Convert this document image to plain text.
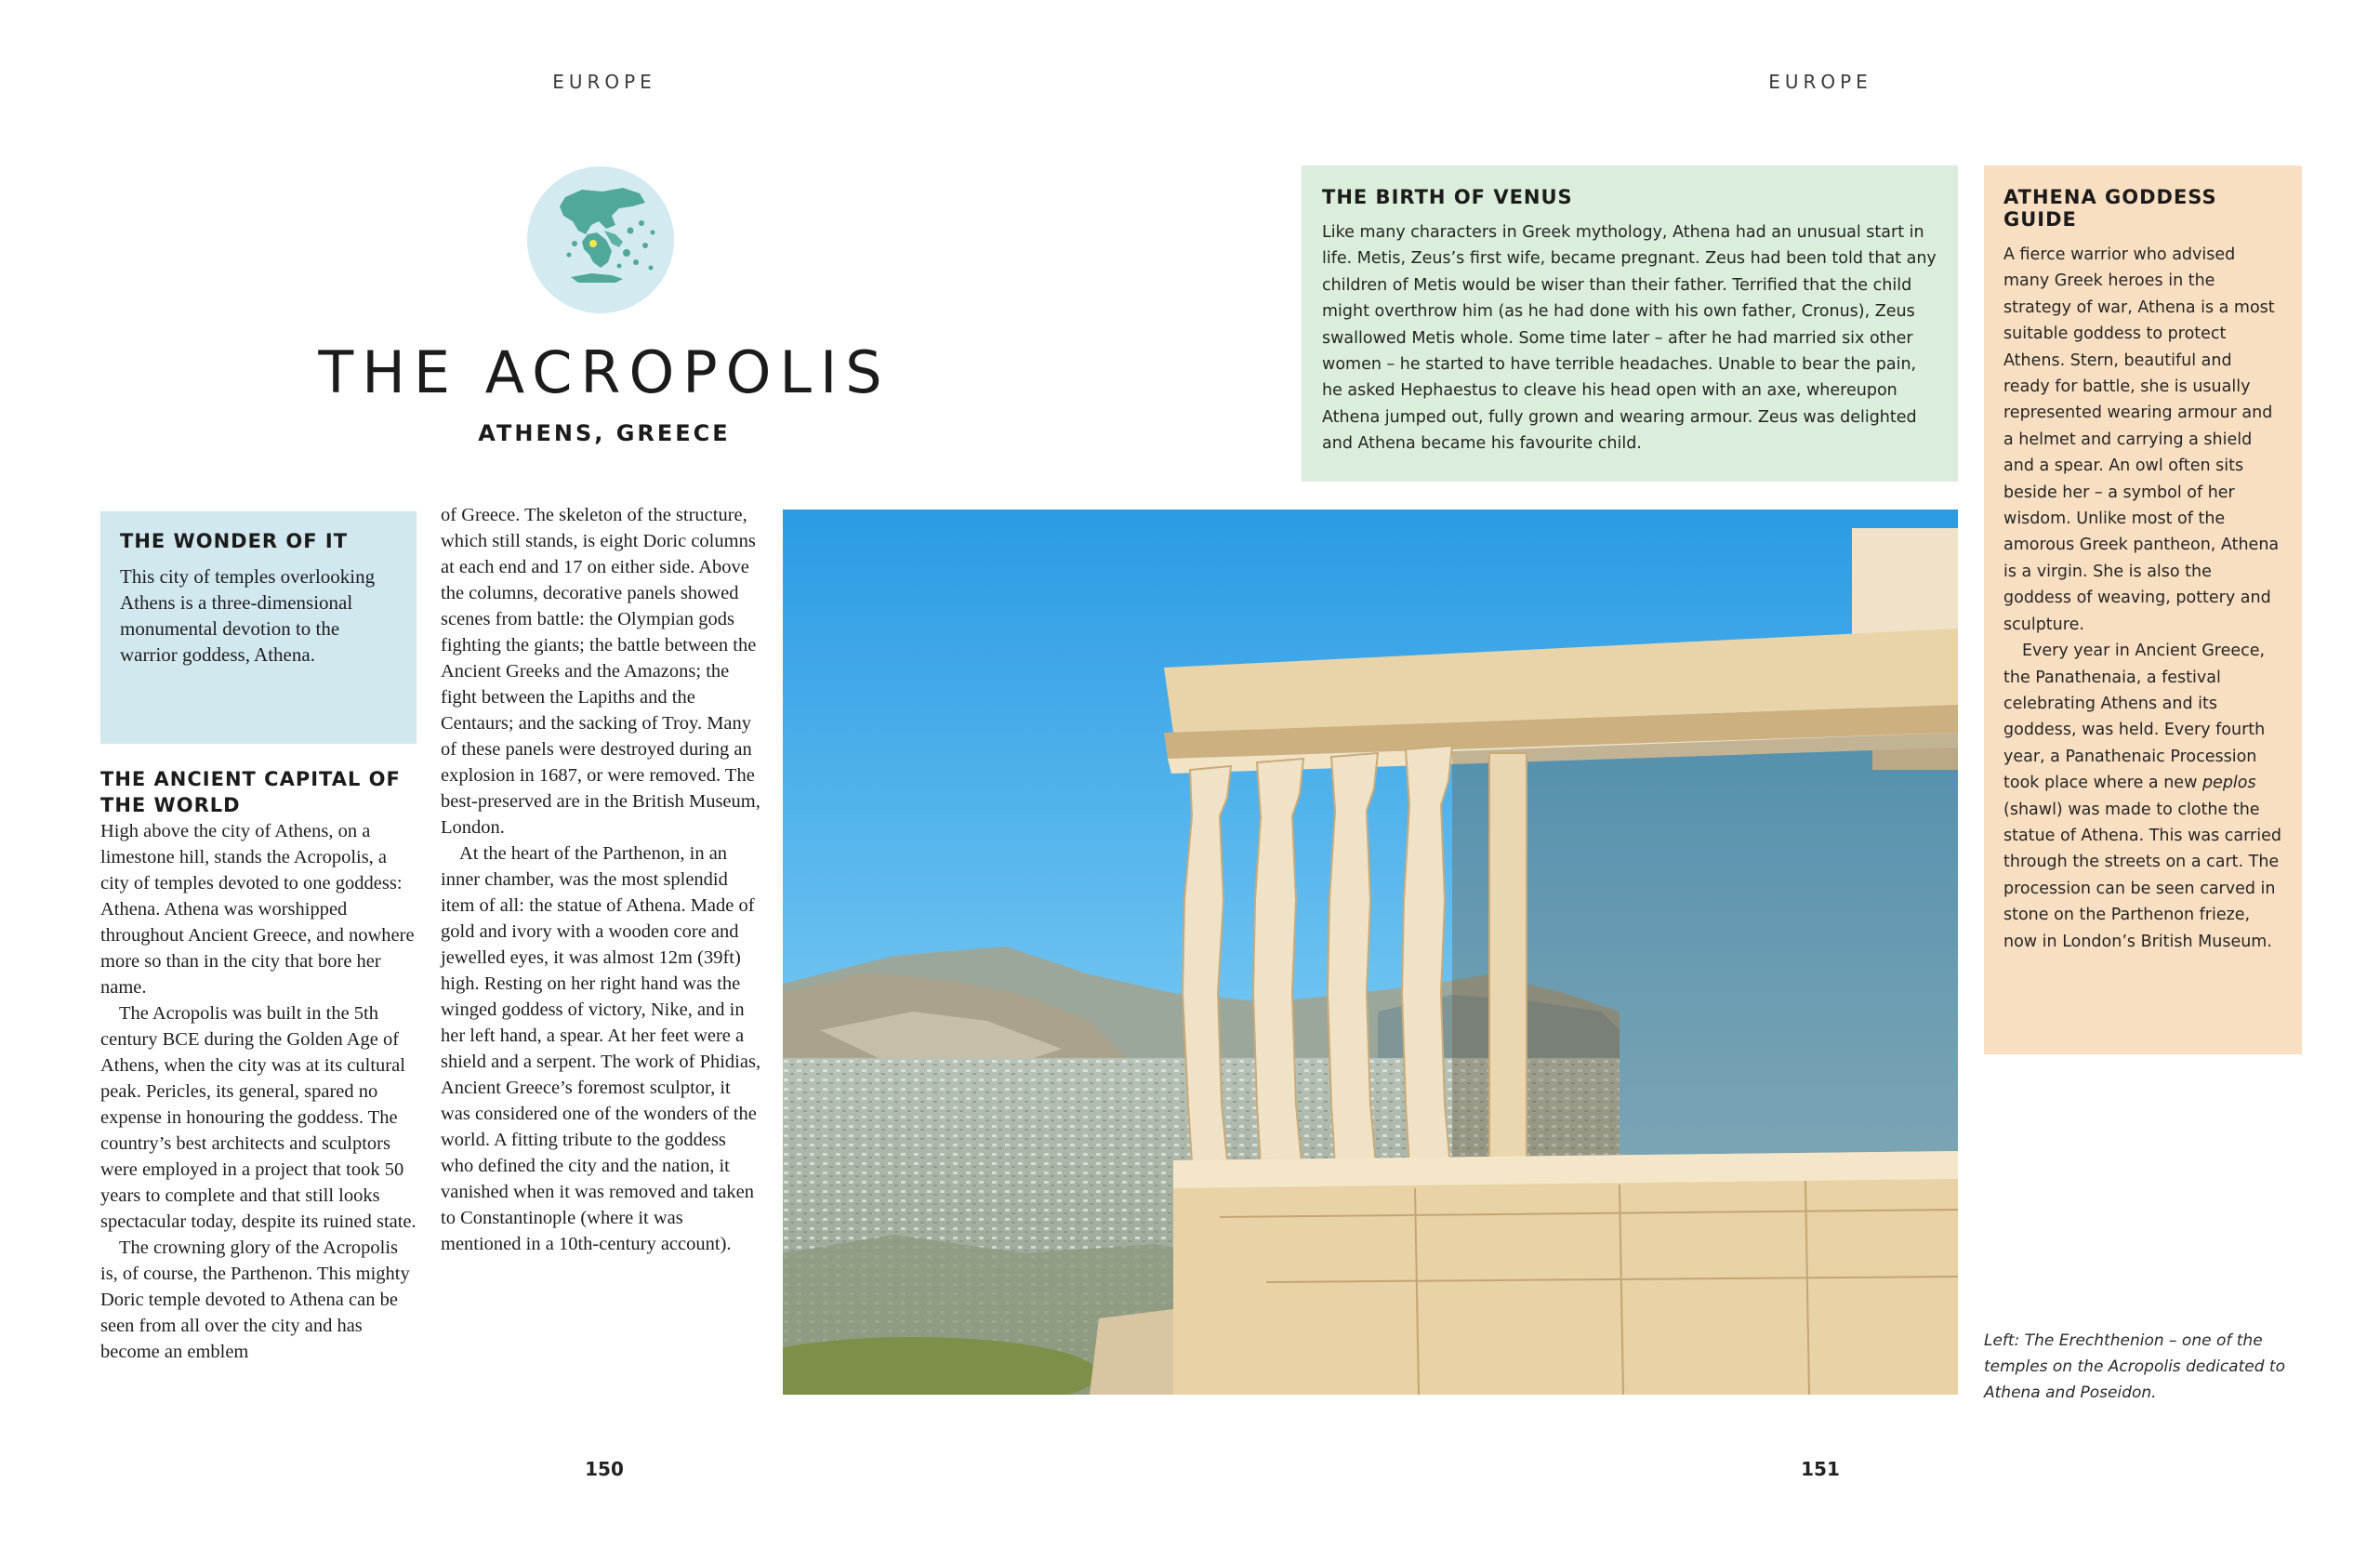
EUROPE	EUROPE
THE ACROPOLIS
ATHENS, GREECE
THE WONDER OF IT
This city of temples overlooking Athens is a three-dimensional monumental devotion to the warrior goddess, Athena.
THE ANCIENT CAPITAL OF THE WORLD

High above the city of Athens, on a limestone hill, stands the Acropolis, a city of temples devoted to one goddess: Athena. Athena was worshipped throughout Ancient Greece, and nowhere more so than in the city that bore her name.

The Acropolis was built in the 5th century BCE during the Golden Age of Athens, when the city was at its cultural peak. Pericles, its general, spared no expense in honouring the goddess. The country’s best architects and sculptors were employed in a project that took 50 years to complete and that still looks spectacular today, despite its ruined state.

The crowning glory of the Acropolis is, of course, the Parthenon. This mighty Doric temple devoted to Athena can be seen from all over the city and has become an emblem

of Greece. The skeleton of the structure, which still stands, is eight Doric columns at each end and 17 on either side. Above the columns, decorative panels showed scenes from battle: the Olympian gods fighting the giants; the battle between the Ancient Greeks and the Amazons; the fight between the Lapiths and the Centaurs; and the sacking of Troy. Many of these panels were destroyed during an explosion in 1687, or were removed. The best-preserved are in the British Museum, London.

At the heart of the Parthenon, in an inner chamber, was the most splendid item of all: the statue of Athena. Made of gold and ivory with a wooden core and jewelled eyes, it was almost 12m (39ft) high. Resting on her right hand was the winged goddess of victory, Nike, and in her left hand, a spear. At her feet were a shield and a serpent. The work of Phidias, Ancient Greece’s foremost sculptor, it was considered one of the wonders of the world. A fitting tribute to the goddess who defined the city and the nation, it vanished when it was removed and taken to Constantinople (where it was mentioned in a 10th-century account).

THE BIRTH OF VENUS
Like many characters in Greek mythology, Athena had an unusual start in life. Metis, Zeus’s first wife, became pregnant. Zeus had been told that any children of Metis would be wiser than their father. Terrified that the child might overthrow him (as he had done with his own father, Cronus), Zeus swallowed Metis whole. Some time later – after he had married six other women – he started to have terrible headaches. Unable to bear the pain, he asked Hephaestus to cleave his head open with an axe, whereupon Athena jumped out, fully grown and wearing armour. Zeus was delighted and Athena became his favourite child.
ATHENA GODDESS GUIDE

A fierce warrior who advised many Greek heroes in the strategy of war, Athena is a most suitable goddess to protect Athens. Stern, beautiful and ready for battle, she is usually represented wearing armour and a helmet and carrying a shield and a spear. An owl often sits beside her – a symbol of her wisdom. Unlike most of the amorous Greek pantheon, Athena is a virgin. She is also the goddess of weaving, pottery and sculpture.

Every year in Ancient Greece, the Panathenaia, a festival celebrating Athens and its goddess, was held. Every fourth year, a Panathenaic Procession took place where a new peplos (shawl) was made to clothe the statue of Athena. This was carried through the streets on a cart. The procession can be seen carved in stone on the Parthenon frieze, now in London’s British Museum.

Left: The Erechthenion – one of the temples on the Acropolis dedicated to Athena and Poseidon.
150	151
